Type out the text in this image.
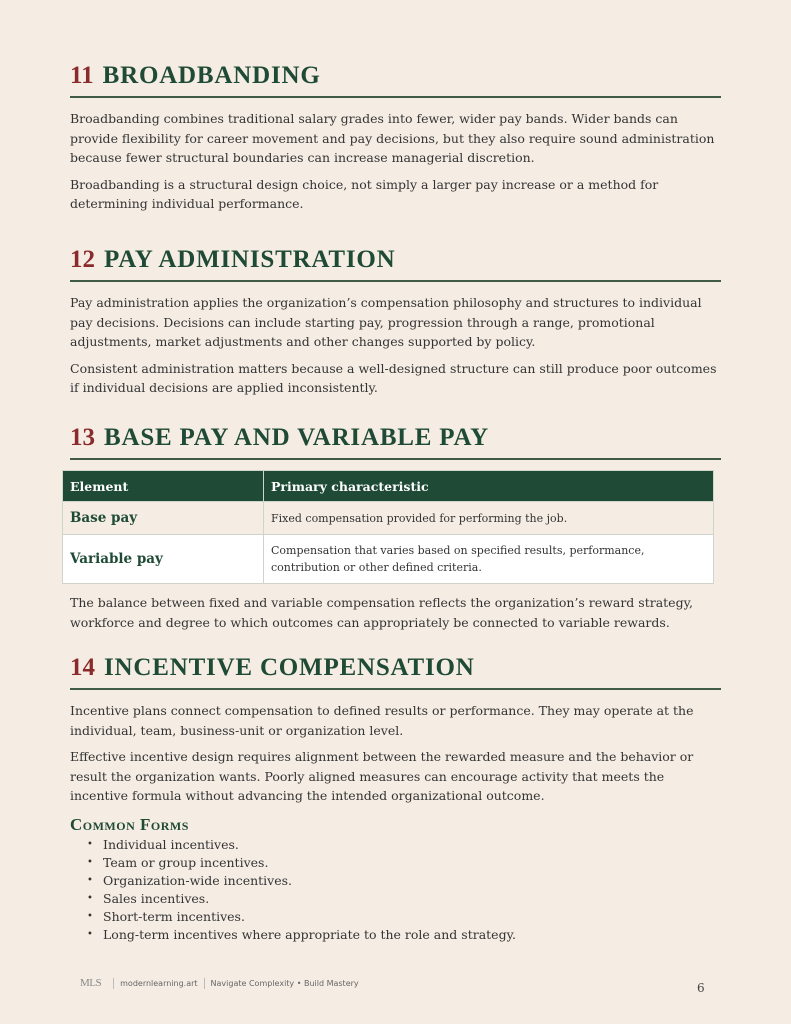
11 BROADBANDING

Broadbanding combines traditional salary grades into fewer, wider pay bands. Wider bands can provide flexibility for career movement and pay decisions, but they also require sound administration because fewer structural boundaries can increase managerial discretion.

Broadbanding is a structural design choice, not simply a larger pay increase or a method for determining individual performance.

12 PAY ADMINISTRATION

Pay administration applies the organization’s compensation philosophy and structures to individual pay decisions. Decisions can include starting pay, progression through a range, promotional adjustments, market adjustments and other changes supported by policy.

Consistent administration matters because a well-designed structure can still produce poor outcomes if individual decisions are applied inconsistently.

13 BASE PAY AND VARIABLE PAY
Element	Primary characteristic
Base pay	Fixed compensation provided for performing the job.
Variable pay	Compensation that varies based on specified results, performance, contribution or other defined criteria.

The balance between fixed and variable compensation reflects the organization’s reward strategy, workforce and degree to which outcomes can appropriately be connected to variable rewards.

14 INCENTIVE COMPENSATION

Incentive plans connect compensation to defined results or performance. They may operate at the individual, team, business-unit or organization level.

Effective incentive design requires alignment between the rewarded measure and the behavior or result the organization wants. Poorly aligned measures can encourage activity that meets the incentive formula without advancing the intended organizational outcome.

Common Forms
• Individual incentives.
• Team or group incentives.
• Organization-wide incentives.
• Sales incentives.
• Short-term incentives.
• Long-term incentives where appropriate to the role and strategy.
MLS modernlearning.art Navigate Complexity • Build Mastery	6
